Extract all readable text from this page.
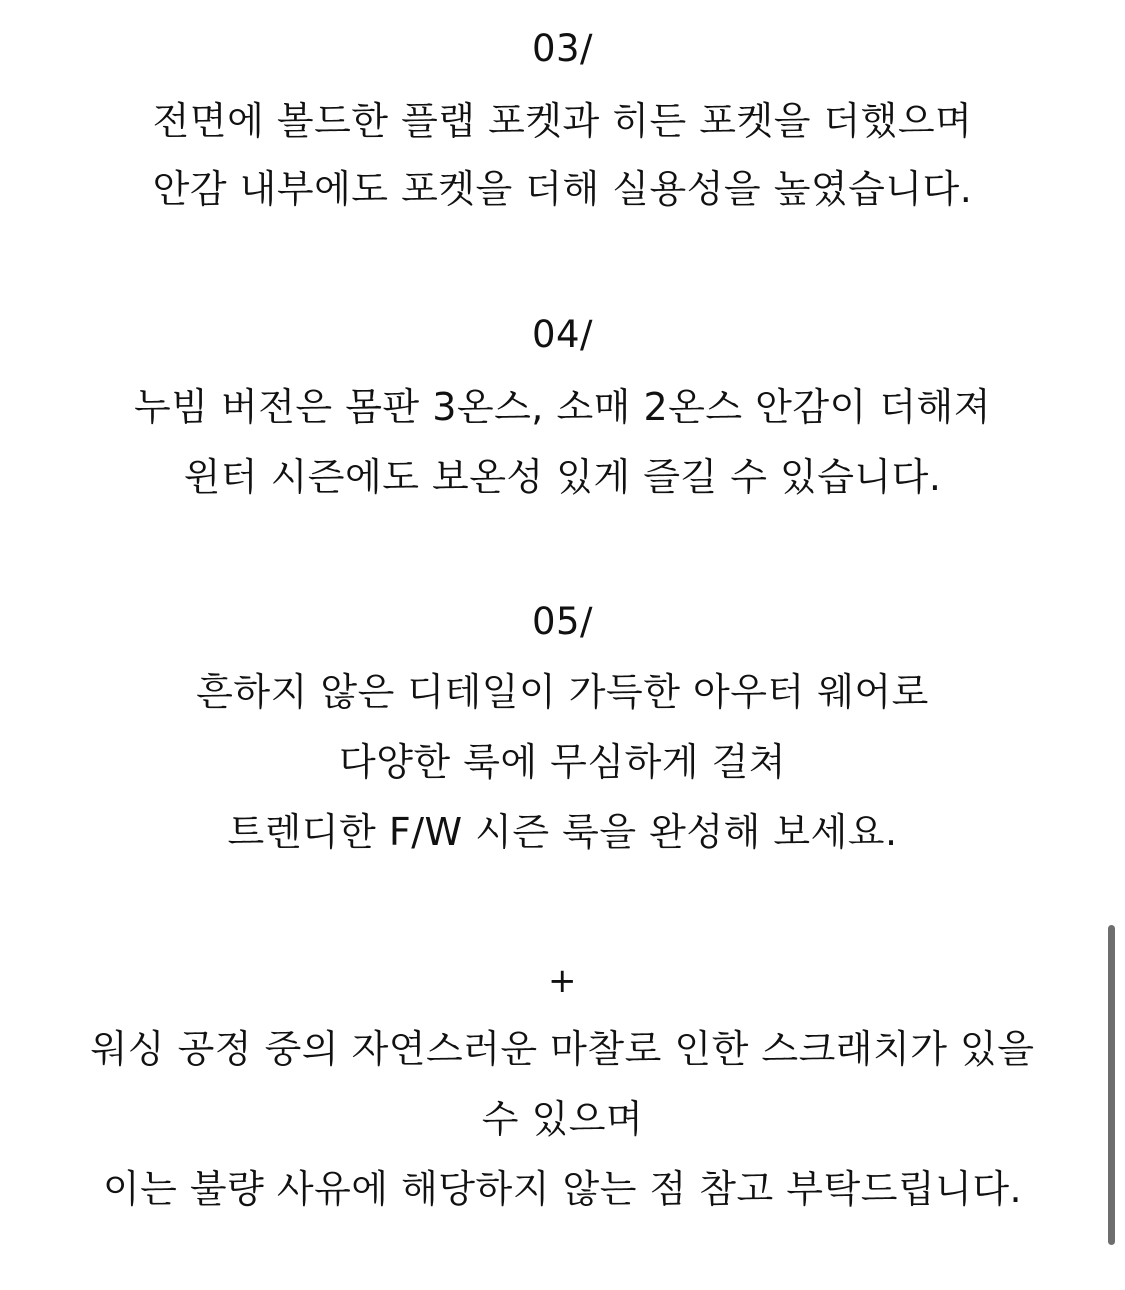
03/
전면에 볼드한 플랩 포켓과 히든 포켓을 더했으며
안감 내부에도 포켓을 더해 실용성을 높였습니다.
04/
누빔 버전은 몸판 3온스, 소매 2온스 안감이 더해져
윈터 시즌에도 보온성 있게 즐길 수 있습니다.
05/
흔하지 않은 디테일이 가득한 아우터 웨어로
다양한 룩에 무심하게 걸쳐
트렌디한 F/W 시즌 룩을 완성해 보세요.
+
워싱 공정 중의 자연스러운 마찰로 인한 스크래치가 있을
수 있으며
이는 불량 사유에 해당하지 않는 점 참고 부탁드립니다.
